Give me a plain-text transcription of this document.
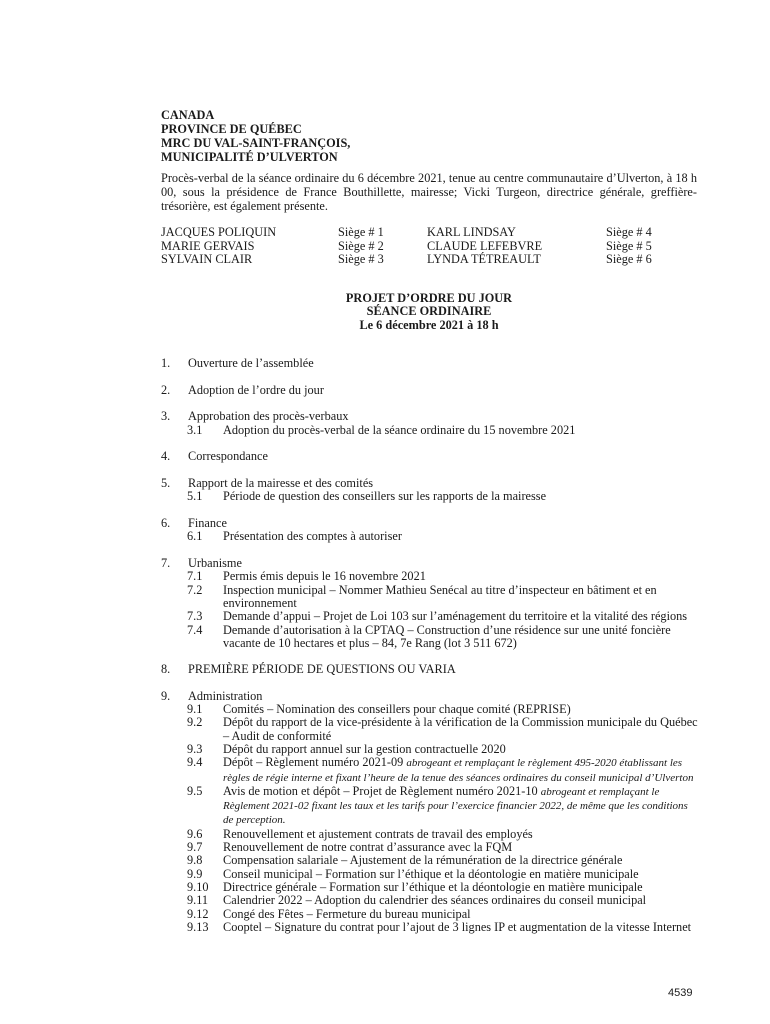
CANADA
PROVINCE DE QUÉBEC
MRC DU VAL-SAINT-FRANÇOIS,
MUNICIPALITÉ D’ULVERTON
Procès-verbal de la séance ordinaire du 6 décembre 2021, tenue au centre communautaire d’Ulverton, à 18 h 00, sous la présidence de France Bouthillette, mairesse; Vicki Turgeon, directrice générale, greffière-trésorière, est également présente.
JACQUES POLIQUIN	Siège # 1	KARL LINDSAY	Siège # 4
MARIE GERVAIS	Siège # 2	CLAUDE LEFEBVRE	Siège # 5
SYLVAIN CLAIR	Siège # 3	LYNDA TÉTREAULT	Siège # 6
PROJET D’ORDRE DU JOUR
SÉANCE ORDINAIRE
Le 6 décembre 2021 à 18 h
1. Ouverture de l’assemblée
2. Adoption de l’ordre du jour
3. Approbation des procès-verbaux
3.1 Adoption du procès-verbal de la séance ordinaire du 15 novembre 2021
4. Correspondance
5. Rapport de la mairesse et des comités
5.1 Période de question des conseillers sur les rapports de la mairesse
6. Finance
6.1 Présentation des comptes à autoriser
7. Urbanisme
7.1 Permis émis depuis le 16 novembre 2021
7.2 Inspection municipal – Nommer Mathieu Senécal au titre d’inspecteur en bâtiment et en environnement
7.3 Demande d’appui – Projet de Loi 103 sur l’aménagement du territoire et la vitalité des régions
7.4 Demande d’autorisation à la CPTAQ – Construction d’une résidence sur une unité foncière vacante de 10 hectares et plus – 84, 7e Rang (lot 3 511 672)
8. PREMIÈRE PÉRIODE DE QUESTIONS OU VARIA
9. Administration
9.1 Comités – Nomination des conseillers pour chaque comité (REPRISE)
9.2 Dépôt du rapport de la vice-présidente à la vérification de la Commission municipale du Québec – Audit de conformité
9.3 Dépôt du rapport annuel sur la gestion contractuelle 2020
9.4 Dépôt – Règlement numéro 2021-09 abrogeant et remplaçant le règlement 495-2020 établissant les règles de régie interne et fixant l’heure de la tenue des séances ordinaires du conseil municipal d’Ulverton
9.5 Avis de motion et dépôt – Projet de Règlement numéro 2021-10 abrogeant et remplaçant le Règlement 2021-02 fixant les taux et les tarifs pour l’exercice financier 2022, de même que les conditions de perception.
9.6 Renouvellement et ajustement contrats de travail des employés
9.7 Renouvellement de notre contrat d’assurance avec la FQM
9.8 Compensation salariale – Ajustement de la rémunération de la directrice générale
9.9 Conseil municipal – Formation sur l’éthique et la déontologie en matière municipale
9.10 Directrice générale – Formation sur l’éthique et la déontologie en matière municipale
9.11 Calendrier 2022 – Adoption du calendrier des séances ordinaires du conseil municipal
9.12 Congé des Fêtes – Fermeture du bureau municipal
9.13 Cooptel – Signature du contrat pour l’ajout de 3 lignes IP et augmentation de la vitesse Internet
4539
